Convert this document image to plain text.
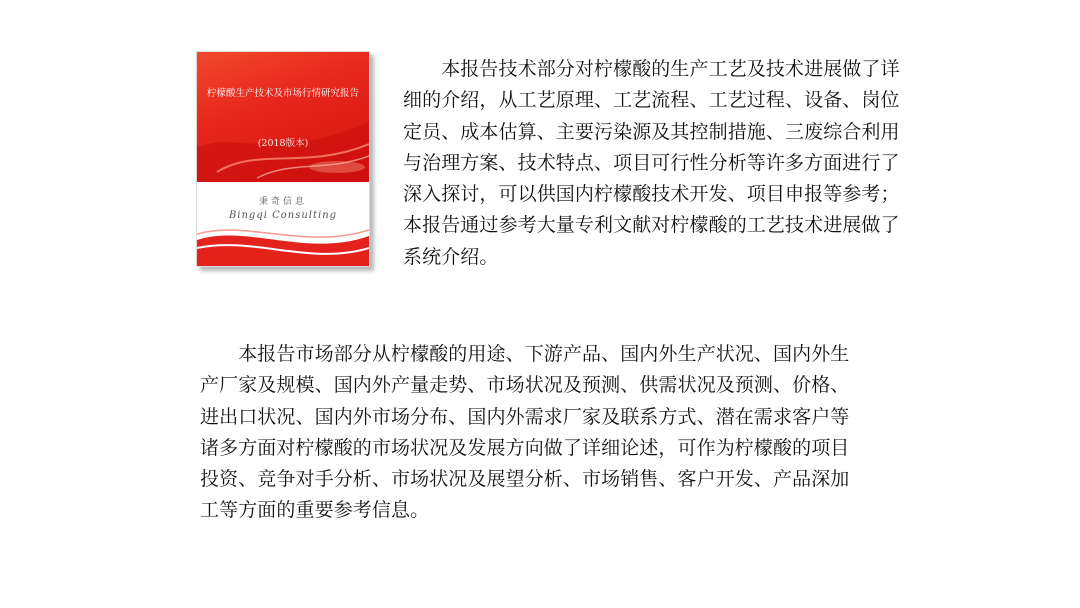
柠檬酸生产技术及市场行情研究报告
(2018版本)
秉奇信息
Bingqi Consulting
　　本报告技术部分对柠檬酸的生产工艺及技术进展做了详
细的介绍，从工艺原理、工艺流程、工艺过程、设备、岗位
定员、成本估算、主要污染源及其控制措施、三废综合利用
与治理方案、技术特点、项目可行性分析等许多方面进行了
深入探讨，可以供国内柠檬酸技术开发、项目申报等参考；
本报告通过参考大量专利文献对柠檬酸的工艺技术进展做了
系统介绍。
　　本报告市场部分从柠檬酸的用途、下游产品、国内外生产状况、国内外生
产厂家及规模、国内外产量走势、市场状况及预测、供需状况及预测、价格、
进出口状况、国内外市场分布、国内外需求厂家及联系方式、潜在需求客户等
诸多方面对柠檬酸的市场状况及发展方向做了详细论述，可作为柠檬酸的项目
投资、竞争对手分析、市场状况及展望分析、市场销售、客户开发、产品深加
工等方面的重要参考信息。
